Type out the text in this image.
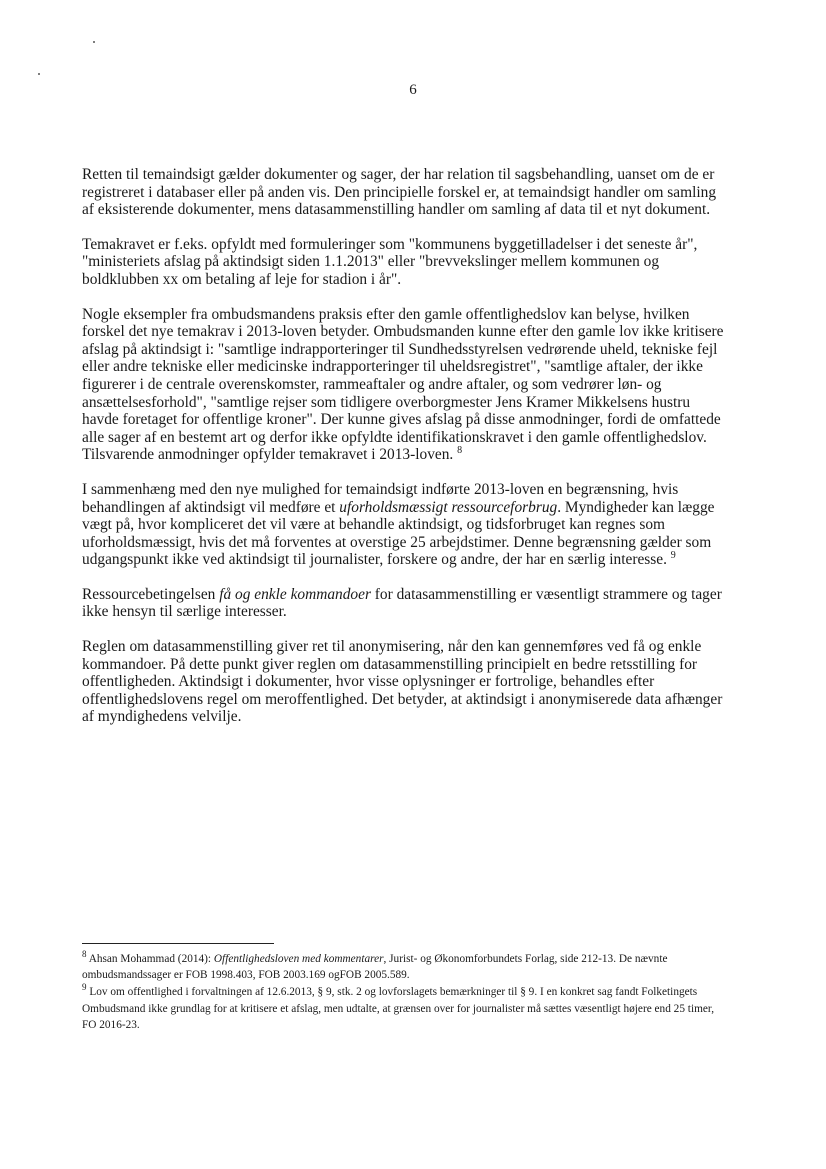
6

Retten til temaindsigt gælder dokumenter og sager, der har relation til sagsbehandling, uanset om de er registreret i databaser eller på anden vis. Den principielle forskel er, at temaindsigt handler om samling af eksisterende dokumenter, mens datasammenstilling handler om samling af data til et nyt dokument.

Temakravet er f.eks. opfyldt med formuleringer som "kommunens byggetilladelser i det seneste år", "ministeriets afslag på aktindsigt siden 1.1.2013" eller "brevvekslinger mellem kommunen og boldklubben xx om betaling af leje for stadion i år".

Nogle eksempler fra ombudsmandens praksis efter den gamle offentlighedslov kan belyse, hvilken forskel det nye temakrav i 2013-loven betyder. Ombudsmanden kunne efter den gamle lov ikke kritisere afslag på aktindsigt i: "samtlige indrapporteringer til Sundhedsstyrelsen vedrørende uheld, tekniske fejl eller andre tekniske eller medicinske indrapporteringer til uheldsregistret", "samtlige aftaler, der ikke figurerer i de centrale overenskomster, rammeaftaler og andre aftaler, og som vedrører løn- og ansættelsesforhold", "samtlige rejser som tidligere overborgmester Jens Kramer Mikkelsens hustru havde foretaget for offentlige kroner". Der kunne gives afslag på disse anmodninger, fordi de omfattede alle sager af en bestemt art og derfor ikke opfyldte identifikationskravet i den gamle offentlighedslov. Tilsvarende anmodninger opfylder temakravet i 2013-loven. $^8$

I sammenhæng med den nye mulighed for temaindsigt indførte 2013-loven en begrænsning, hvis behandlingen af aktindsigt vil medføre et uforholdsmæssigt ressourceforbrug. Myndigheder kan lægge vægt på, hvor kompliceret det vil være at behandle aktindsigt, og tidsforbruget kan regnes som uforholdsmæssigt, hvis det må forventes at overstige 25 arbejdstimer. Denne begrænsning gælder som udgangspunkt ikke ved aktindsigt til journalister, forskere og andre, der har en særlig interesse. $^9$

Ressourcebetingelsen få og enkle kommandoer for datasammenstilling er væsentligt strammere og tager ikke hensyn til særlige interesser.

Reglen om datasammenstilling giver ret til anonymisering, når den kan gennemføres ved få og enkle kommandoer. På dette punkt giver reglen om datasammenstilling principielt en bedre retsstilling for offentligheden. Aktindsigt i dokumenter, hvor visse oplysninger er fortrolige, behandles efter offentlighedslovens regel om meroffentlighed. Det betyder, at aktindsigt i anonymiserede data afhænger af myndighedens velvilje.

$^8$ Ahsan Mohammad (2014): Offentlighedsloven med kommentarer, Jurist- og Økonomforbundets Forlag, side 212-13. De nævnte ombudsmandssager er FOB 1998.403, FOB 2003.169 ogFOB 2005.589.

$^9$ Lov om offentlighed i forvaltningen af 12.6.2013, § 9, stk. 2 og lovforslagets bemærkninger til § 9. I en konkret sag fandt Folketingets Ombudsmand ikke grundlag for at kritisere et afslag, men udtalte, at grænsen over for journalister må sættes væsentligt højere end 25 timer, FO 2016-23.
